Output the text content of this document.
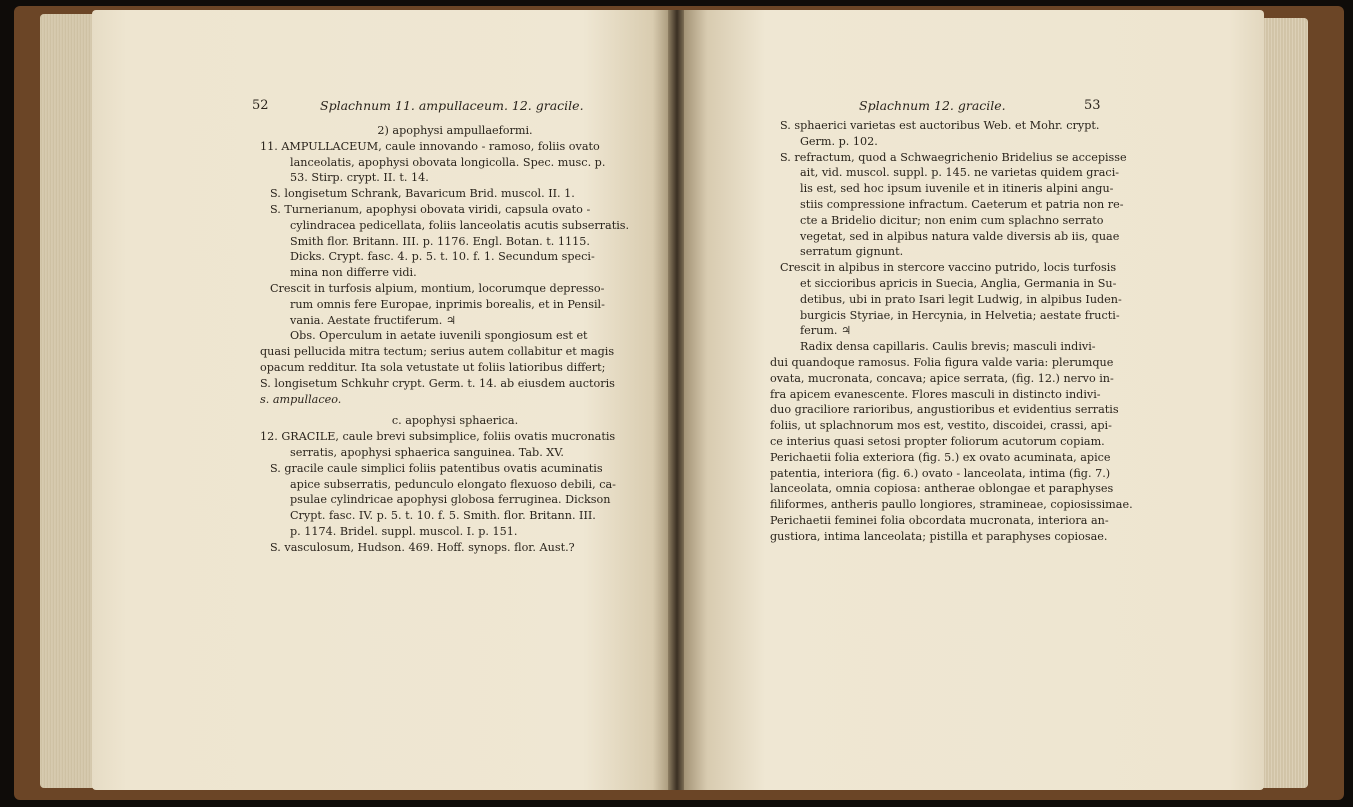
52	Splachnum 11. ampullaceum. 12. gracile.
2) apophysi ampullaeformi.
11. AMPULLACEUM, caule innovando - ramoso, foliis ovato
lanceolatis, apophysi obovata longicolla. Spec. musc. p.
53. Stirp. crypt. II. t. 14.
S. longisetum Schrank, Bavaricum Brid. muscol. II. 1.
S. Turnerianum, apophysi obovata viridi, capsula ovato -
cylindracea pedicellata, foliis lanceolatis acutis subserratis.
Smith flor. Britann. III. p. 1176. Engl. Botan. t. 1115.
Dicks. Crypt. fasc. 4. p. 5. t. 10. f. 1. Secundum speci-
mina non differre vidi.
Crescit in turfosis alpium, montium, locorumque depresso-
rum omnis fere Europae, inprimis borealis, et in Pensil-
vania. Aestate fructiferum. ♃
Obs. Operculum in aetate iuvenili spongiosum est et
quasi pellucida mitra tectum; serius autem collabitur et magis
opacum redditur. Ita sola vetustate ut foliis latioribus differt;
S. longisetum Schkuhr crypt. Germ. t. 14. ab eiusdem auctoris
s. ampullaceo.
c. apophysi sphaerica.
12. GRACILE, caule brevi subsimplice, foliis ovatis mucronatis
serratis, apophysi sphaerica sanguinea. Tab. XV.
S. gracile caule simplici foliis patentibus ovatis acuminatis
apice subserratis, pedunculo elongato flexuoso debili, ca-
psulae cylindricae apophysi globosa ferruginea. Dickson
Crypt. fasc. IV. p. 5. t. 10. f. 5. Smith. flor. Britann. III.
p. 1174. Bridel. suppl. muscol. I. p. 151.
S. vasculosum, Hudson. 469. Hoff. synops. flor. Aust.?
Splachnum 12. gracile.	53
S. sphaerici varietas est auctoribus Web. et Mohr. crypt.
Germ. p. 102.
S. refractum, quod a Schwaegrichenio Bridelius se accepisse
ait, vid. muscol. suppl. p. 145. ne varietas quidem graci-
lis est, sed hoc ipsum iuvenile et in itineris alpini angu-
stiis compressione infractum. Caeterum et patria non re-
cte a Bridelio dicitur; non enim cum splachno serrato
vegetat, sed in alpibus natura valde diversis ab iis, quae
serratum gignunt.
Crescit in alpibus in stercore vaccino putrido, locis turfosis
et siccioribus apricis in Suecia, Anglia, Germania in Su-
detibus, ubi in prato Isari legit Ludwig, in alpibus Iuden-
burgicis Styriae, in Hercynia, in Helvetia; aestate fructi-
ferum. ♃
Radix densa capillaris. Caulis brevis; masculi indivi-
dui quandoque ramosus. Folia figura valde varia: plerumque
ovata, mucronata, concava; apice serrata, (fig. 12.) nervo in-
fra apicem evanescente. Flores masculi in distincto indivi-
duo graciliore rarioribus, angustioribus et evidentius serratis
foliis, ut splachnorum mos est, vestito, discoidei, crassi, api-
ce interius quasi setosi propter foliorum acutorum copiam.
Perichaetii folia exteriora (fig. 5.) ex ovato acuminata, apice
patentia, interiora (fig. 6.) ovato - lanceolata, intima (fig. 7.)
lanceolata, omnia copiosa: antherae oblongae et paraphyses
filiformes, antheris paullo longiores, stramineae, copiosissimae.
Perichaetii feminei folia obcordata mucronata, interiora an-
gustiora, intima lanceolata; pistilla et paraphyses copiosae.
